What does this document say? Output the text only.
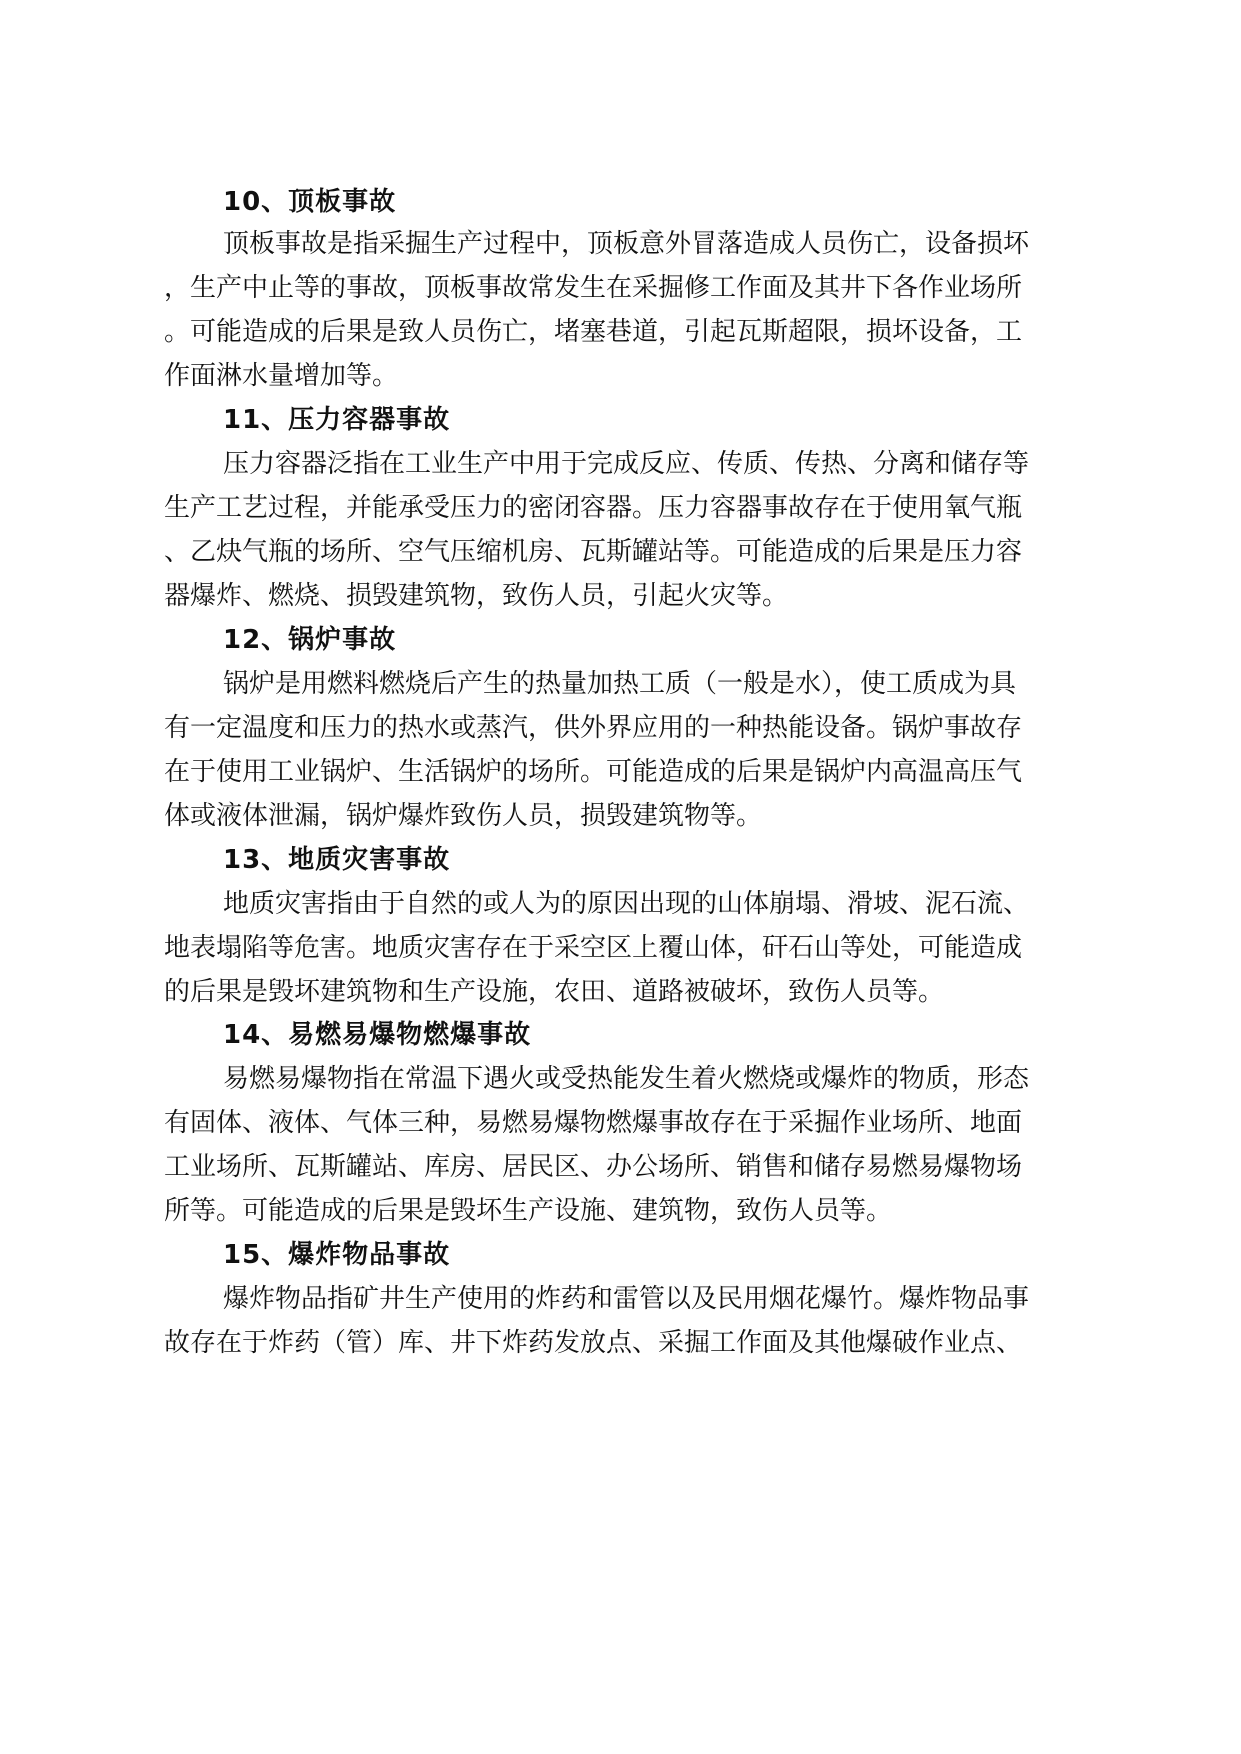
10、顶板事故
顶板事故是指采掘生产过程中，顶板意外冒落造成人员伤亡，设备损坏
，生产中止等的事故，顶板事故常发生在采掘修工作面及其井下各作业场所
。可能造成的后果是致人员伤亡，堵塞巷道，引起瓦斯超限，损坏设备，工
作面淋水量增加等。
11、压力容器事故
压力容器泛指在工业生产中用于完成反应、传质、传热、分离和储存等
生产工艺过程，并能承受压力的密闭容器。压力容器事故存在于使用氧气瓶
、乙炔气瓶的场所、空气压缩机房、瓦斯罐站等。可能造成的后果是压力容
器爆炸、燃烧、损毁建筑物，致伤人员，引起火灾等。
12、锅炉事故
锅炉是用燃料燃烧后产生的热量加热工质（一般是水），使工质成为具
有一定温度和压力的热水或蒸汽，供外界应用的一种热能设备。锅炉事故存
在于使用工业锅炉、生活锅炉的场所。可能造成的后果是锅炉内高温高压气
体或液体泄漏，锅炉爆炸致伤人员，损毁建筑物等。
13、地质灾害事故
地质灾害指由于自然的或人为的原因出现的山体崩塌、滑坡、泥石流、
地表塌陷等危害。地质灾害存在于采空区上覆山体，矸石山等处，可能造成
的后果是毁坏建筑物和生产设施，农田、道路被破坏，致伤人员等。
14、易燃易爆物燃爆事故
易燃易爆物指在常温下遇火或受热能发生着火燃烧或爆炸的物质，形态
有固体、液体、气体三种，易燃易爆物燃爆事故存在于采掘作业场所、地面
工业场所、瓦斯罐站、库房、居民区、办公场所、销售和储存易燃易爆物场
所等。可能造成的后果是毁坏生产设施、建筑物，致伤人员等。
15、爆炸物品事故
爆炸物品指矿井生产使用的炸药和雷管以及民用烟花爆竹。爆炸物品事
故存在于炸药（管）库、井下炸药发放点、采掘工作面及其他爆破作业点、
